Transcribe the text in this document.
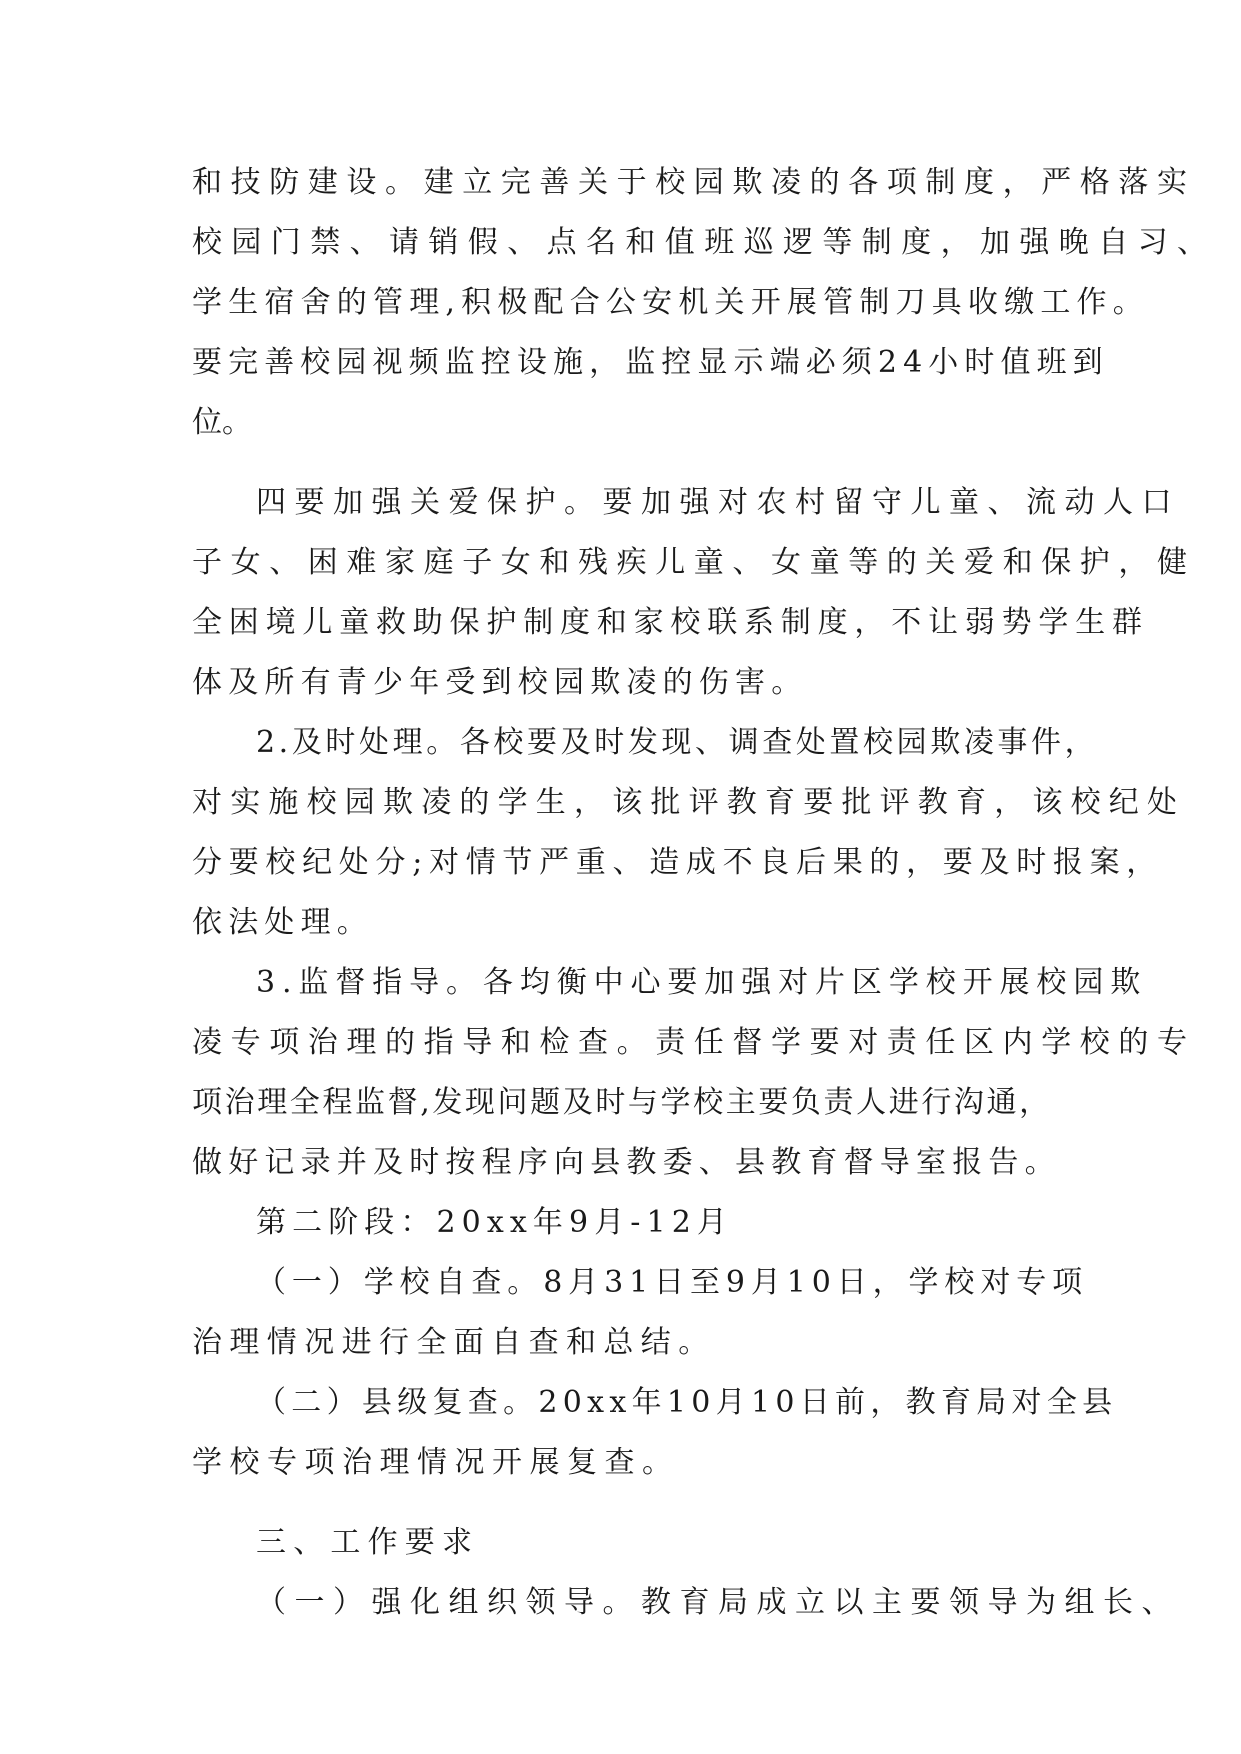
和技防建设。建立完善关于校园欺凌的各项制度，严格落实
校园门禁、请销假、点名和值班巡逻等制度，加强晚自习、
学生宿舍的管理,积极配合公安机关开展管制刀具收缴工作。
要完善校园视频监控设施，监控显示端必须24小时值班到
位。
四要加强关爱保护。要加强对农村留守儿童、流动人口
子女、困难家庭子女和残疾儿童、女童等的关爱和保护，健
全困境儿童救助保护制度和家校联系制度，不让弱势学生群
体及所有青少年受到校园欺凌的伤害。
2.及时处理。各校要及时发现、调查处置校园欺凌事件，
对实施校园欺凌的学生，该批评教育要批评教育，该校纪处
分要校纪处分;对情节严重、造成不良后果的，要及时报案，
依法处理。
3.监督指导。各均衡中心要加强对片区学校开展校园欺
凌专项治理的指导和检查。责任督学要对责任区内学校的专
项治理全程监督,发现问题及时与学校主要负责人进行沟通，
做好记录并及时按程序向县教委、县教育督导室报告。
第二阶段：20xx年9月-12月
（一）学校自查。8月31日至9月10日，学校对专项
治理情况进行全面自查和总结。
（二）县级复查。20xx年10月10日前，教育局对全县
学校专项治理情况开展复查。
三、工作要求
（一）强化组织领导。教育局成立以主要领导为组长、
